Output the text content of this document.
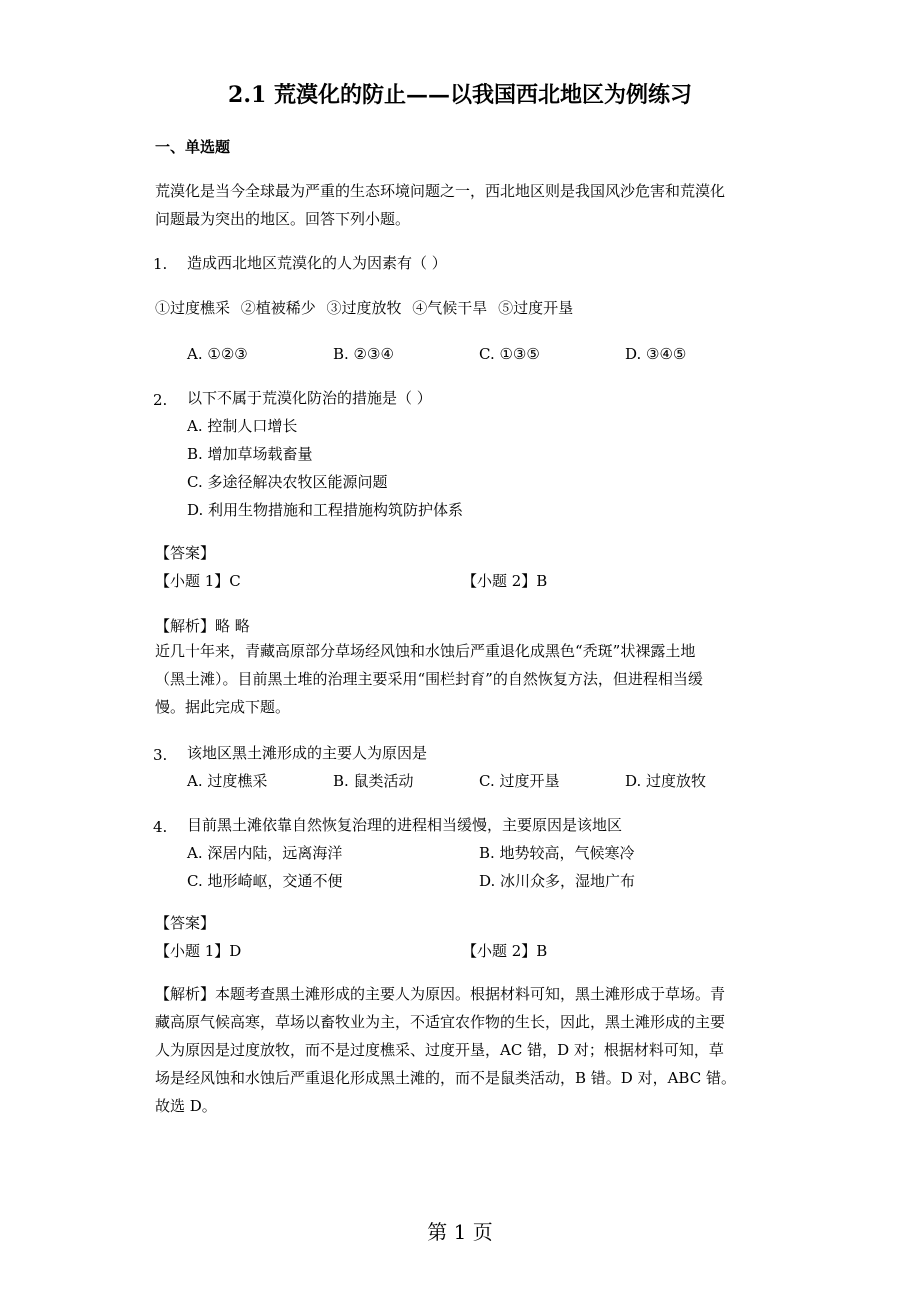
2.1 荒漠化的防止——以我国西北地区为例练习
一、单选题
荒漠化是当今全球最为严重的生态环境问题之一，西北地区则是我国风沙危害和荒漠化
问题最为突出的地区。回答下列小题。
1. 造成西北地区荒漠化的人为因素有（ ）
①过度樵采 ②植被稀少 ③过度放牧 ④气候干旱 ⑤过度开垦
A. ①②③	B. ②③④	C. ①③⑤	D. ③④⑤
2. 以下不属于荒漠化防治的措施是（ ）
A. 控制人口增长
B. 增加草场载畜量
C. 多途径解决农牧区能源问题
D. 利用生物措施和工程措施构筑防护体系
【答案】
【小题 1】C	【小题 2】B
【解析】略 略
近几十年来，青藏高原部分草场经风蚀和水蚀后严重退化成黑色“秃斑”状裸露土地
（黑土滩）。目前黑土堆的治理主要采用“围栏封育”的自然恢复方法，但进程相当缓
慢。据此完成下题。
3. 该地区黑土滩形成的主要人为原因是
A. 过度樵采	B. 鼠类活动	C. 过度开垦	D. 过度放牧
4. 目前黑土滩依靠自然恢复治理的进程相当缓慢，主要原因是该地区
A. 深居内陆，远离海洋	B. 地势较高，气候寒冷
C. 地形崎岖，交通不便	D. 冰川众多，湿地广布
【答案】
【小题 1】D	【小题 2】B
【解析】本题考查黑土滩形成的主要人为原因。根据材料可知，黑土滩形成于草场。青
藏高原气候高寒，草场以畜牧业为主，不适宜农作物的生长，因此，黑土滩形成的主要
人为原因是过度放牧，而不是过度樵采、过度开垦，AC 错，D 对；根据材料可知，草
场是经风蚀和水蚀后严重退化形成黑土滩的，而不是鼠类活动，B 错。D 对，ABC 错。
故选 D。
第 1 页
